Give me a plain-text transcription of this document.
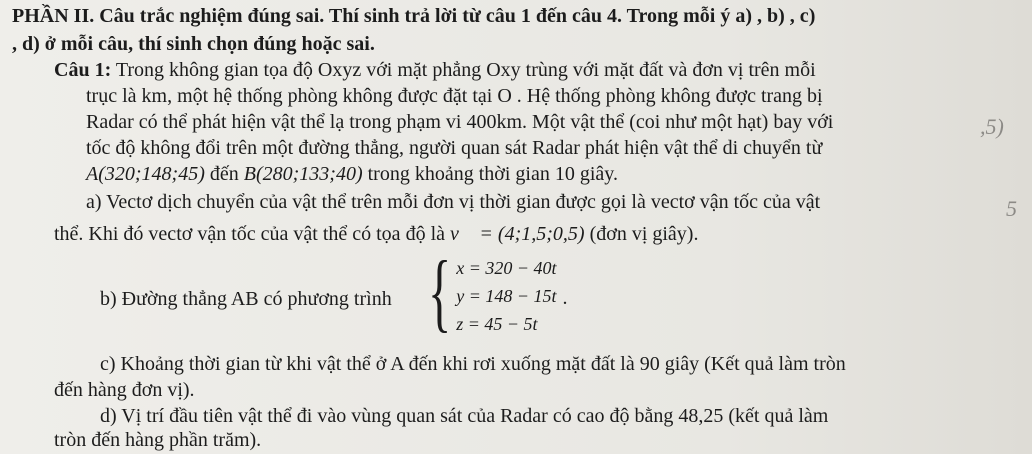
PHẦN II. Câu trắc nghiệm đúng sai. Thí sinh trả lời từ câu 1 đến câu 4. Trong mỗi ý a) , b) , c)
, d) ở mỗi câu, thí sinh chọn đúng hoặc sai.
Câu 1: Trong không gian tọa độ Oxyz với mặt phẳng Oxy trùng với mặt đất và đơn vị trên mỗi
trục là km, một hệ thống phòng không được đặt tại O . Hệ thống phòng không được trang bị
Radar có thể phát hiện vật thể lạ trong phạm vi 400km. Một vật thể (coi như một hạt) bay với
tốc độ không đổi trên một đường thẳng, người quan sát Radar phát hiện vật thể di chuyển từ
A(320;148;45) đến B(280;133;40) trong khoảng thời gian 10 giây.
a) Vectơ dịch chuyển của vật thể trên mỗi đơn vị thời gian được gọi là vectơ vận tốc của vật
thể. Khi đó vectơ vận tốc của vật thể có tọa độ là v⃗ = (4;1,5;0,5) (đơn vị giây).
b) Đường thẳng AB có phương trình { x = 320 − 40t
y = 148 − 15t
z = 45 − 5t
.
c) Khoảng thời gian từ khi vật thể ở A đến khi rơi xuống mặt đất là 90 giây (Kết quả làm tròn
đến hàng đơn vị).
d) Vị trí đầu tiên vật thể đi vào vùng quan sát của Radar có cao độ bằng 48,25 (kết quả làm
tròn đến hàng phần trăm).
,5)
5
